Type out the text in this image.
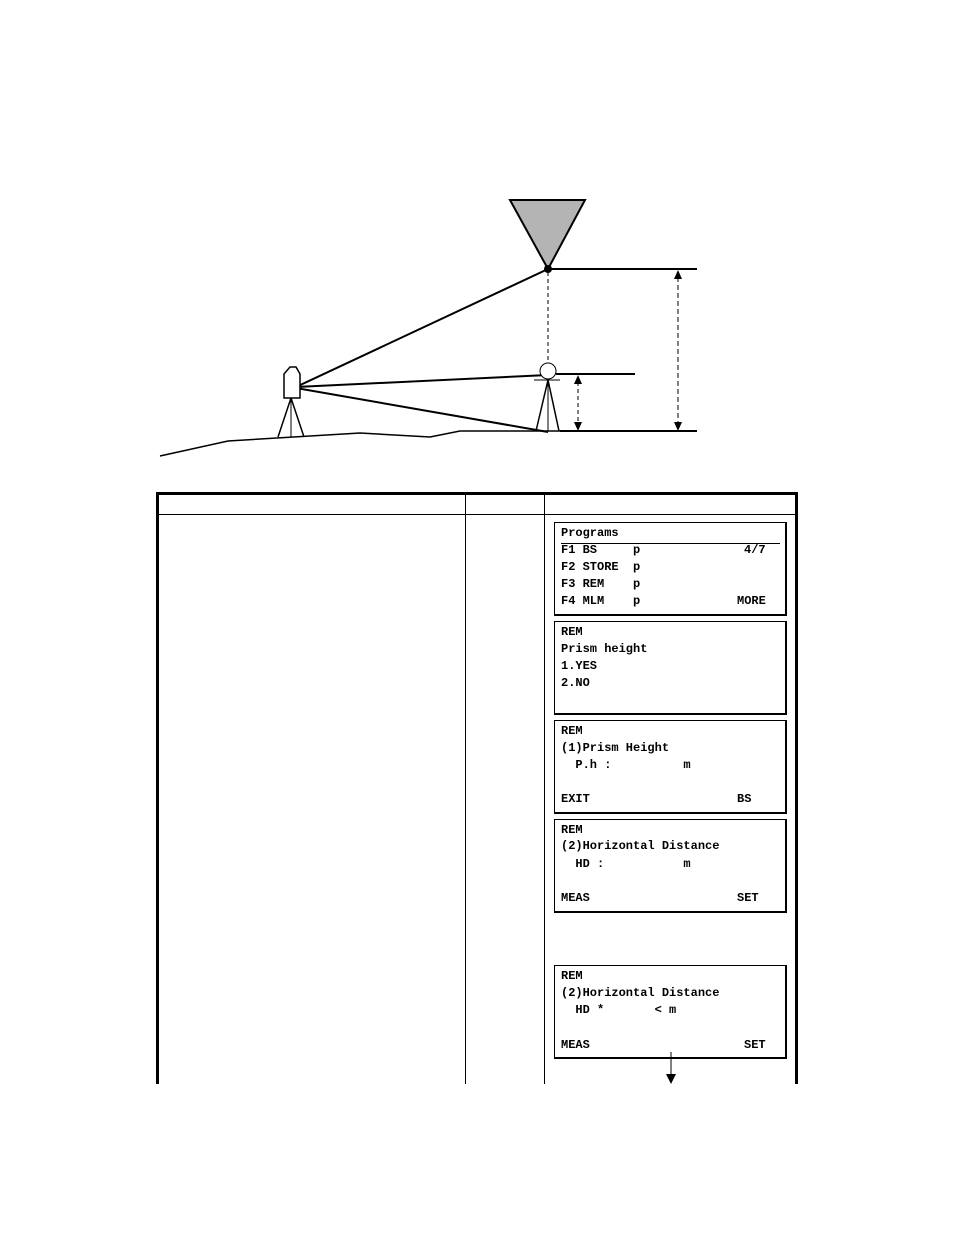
Programs
F1 BS     p	4/7
F2 STORE  p
F3 REM    p
F4 MLM    p	MORE
REM
Prism height
1.YES
2.NO
REM
(1)Prism Height
P.h :          m
EXIT	BS
REM
(2)Horizontal Distance
HD :           m
MEAS	SET
REM
(2)Horizontal Distance
HD *       < m
MEAS	SET
